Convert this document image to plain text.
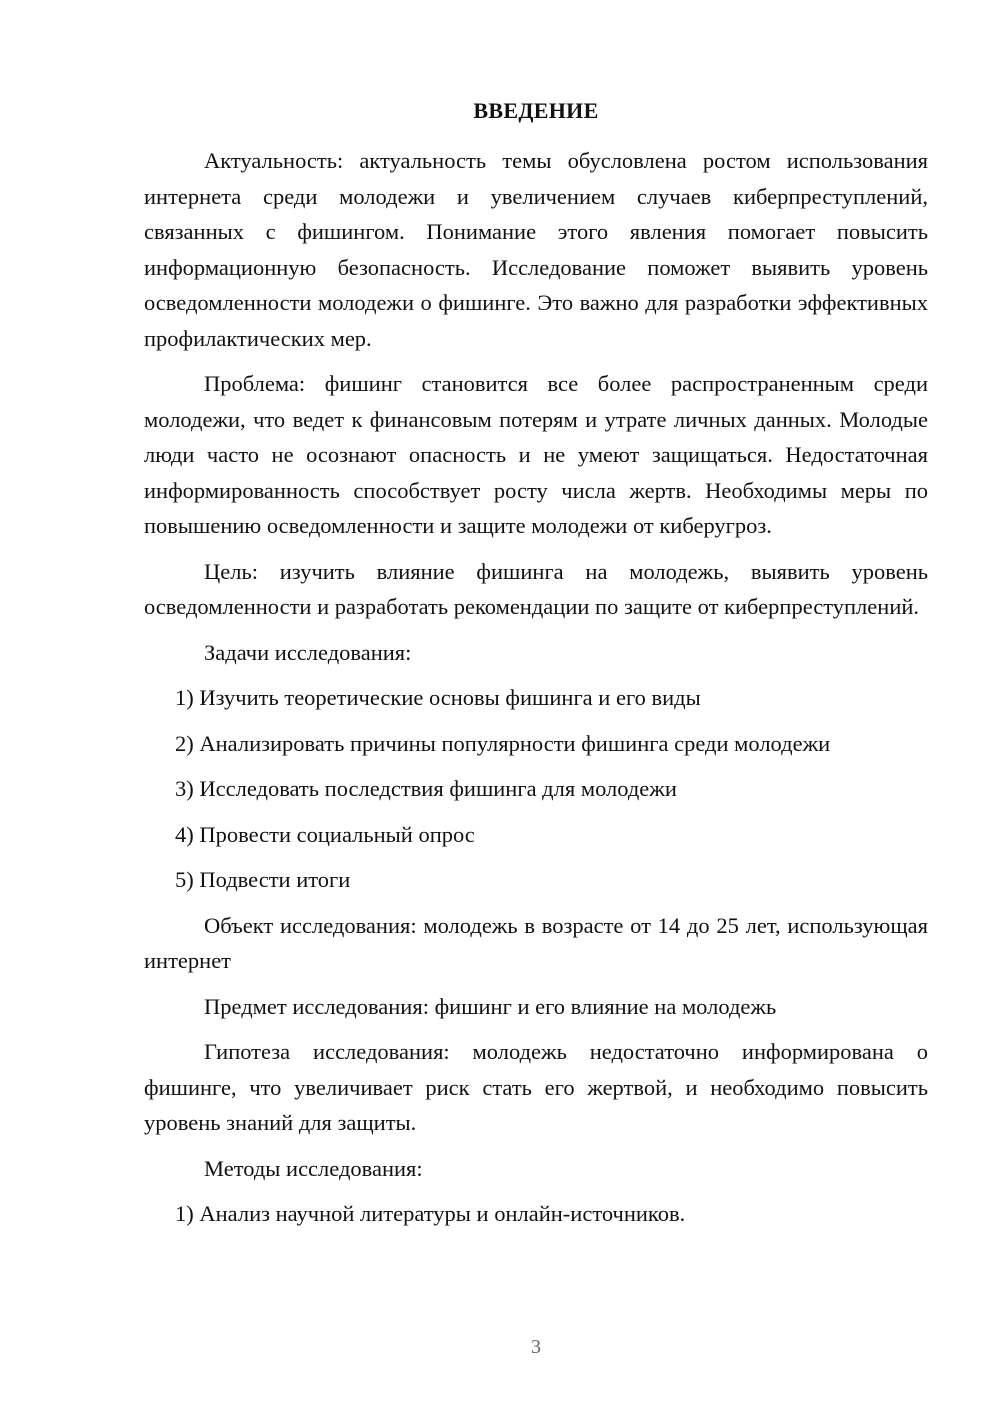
ВВЕДЕНИЕ

Актуальность: актуальность темы обусловлена ростом использования интернета среди молодежи и увеличением случаев киберпреступлений, связанных с фишингом. Понимание этого явления помогает повысить информационную безопасность. Исследование поможет выявить уровень осведомленности молодежи о фишинге. Это важно для разработки эффективных профилактических мер.

Проблема: фишинг становится все более распространенным среди молодежи, что ведет к финансовым потерям и утрате личных данных. Молодые люди часто не осознают опасность и не умеют защищаться. Недостаточная информированность способствует росту числа жертв. Необходимы меры по повышению осведомленности и защите молодежи от киберугроз.

Цель: изучить влияние фишинга на молодежь, выявить уровень осведомленности и разработать рекомендации по защите от киберпреступлений.

Задачи исследования:

1) Изучить теоретические основы фишинга и его виды

2) Анализировать причины популярности фишинга среди молодежи

3) Исследовать последствия фишинга для молодежи

4) Провести социальный опрос

5) Подвести итоги

Объект исследования: молодежь в возрасте от 14 до 25 лет, использующая интернет

Предмет исследования: фишинг и его влияние на молодежь

Гипотеза исследования: молодежь недостаточно информирована о фишинге, что увеличивает риск стать его жертвой, и необходимо повысить уровень знаний для защиты.

Методы исследования:

1) Анализ научной литературы и онлайн-источников.

3
